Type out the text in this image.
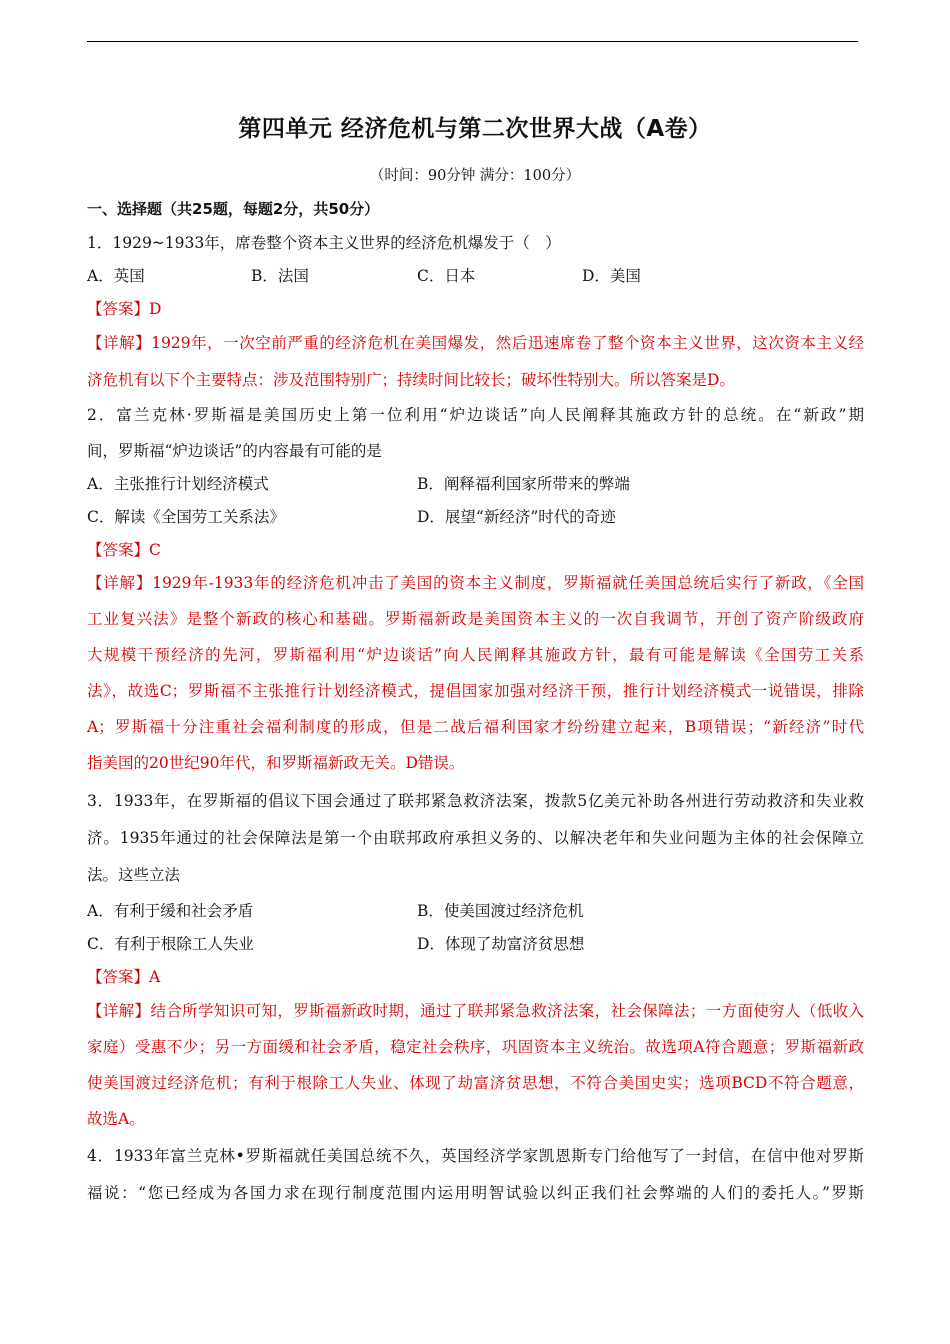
第四单元 经济危机与第二次世界大战（A卷）
（时间：90分钟 满分：100分）
一、选择题（共25题，每题2分，共50分）
1．1929~1933年，席卷整个资本主义世界的经济危机爆发于（　）
A．英国	B．法国	C．日本	D．美国
【答案】D
【详解】1929年，一次空前严重的经济危机在美国爆发，然后迅速席卷了整个资本主义世界，这次资本主义经
济危机有以下个主要特点：涉及范围特别广；持续时间比较长；破坏性特别大。所以答案是D。
2．富兰克林·罗斯福是美国历史上第一位利用“炉边谈话”向人民阐释其施政方针的总统。在“新政”期
间，罗斯福“炉边谈话”的内容最有可能的是
A．主张推行计划经济模式	B．阐释福利国家所带来的弊端
C．解读《全国劳工关系法》	D．展望“新经济”时代的奇迹
【答案】C
【详解】1929年-1933年的经济危机冲击了美国的资本主义制度，罗斯福就任美国总统后实行了新政，《全国
工业复兴法》是整个新政的核心和基础。罗斯福新政是美国资本主义的一次自我调节，开创了资产阶级政府
大规模干预经济的先河，罗斯福利用“炉边谈话”向人民阐释其施政方针，最有可能是解读《全国劳工关系
法》，故选C；罗斯福不主张推行计划经济模式，提倡国家加强对经济干预，推行计划经济模式一说错误，排除
A；罗斯福十分注重社会福利制度的形成，但是二战后福利国家才纷纷建立起来，B项错误；“新经济”时代
指美国的20世纪90年代，和罗斯福新政无关。D错误。
3．1933年，在罗斯福的倡议下国会通过了联邦紧急救济法案，拨款5亿美元补助各州进行劳动救济和失业救
济。1935年通过的社会保障法是第一个由联邦政府承担义务的、以解决老年和失业问题为主体的社会保障立
法。这些立法
A．有利于缓和社会矛盾	B．使美国渡过经济危机
C．有利于根除工人失业	D．体现了劫富济贫思想
【答案】A
【详解】结合所学知识可知，罗斯福新政时期，通过了联邦紧急救济法案，社会保障法；一方面使穷人（低收入
家庭）受惠不少；另一方面缓和社会矛盾，稳定社会秩序，巩固资本主义统治。故选项A符合题意；罗斯福新政
使美国渡过经济危机；有利于根除工人失业、体现了劫富济贫思想，不符合美国史实；选项BCD不符合题意，
故选A。
4．1933年富兰克林•罗斯福就任美国总统不久，英国经济学家凯恩斯专门给他写了一封信，在信中他对罗斯
福说：“您已经成为各国力求在现行制度范围内运用明智试验以纠正我们社会弊端的人们的委托人。”罗斯
